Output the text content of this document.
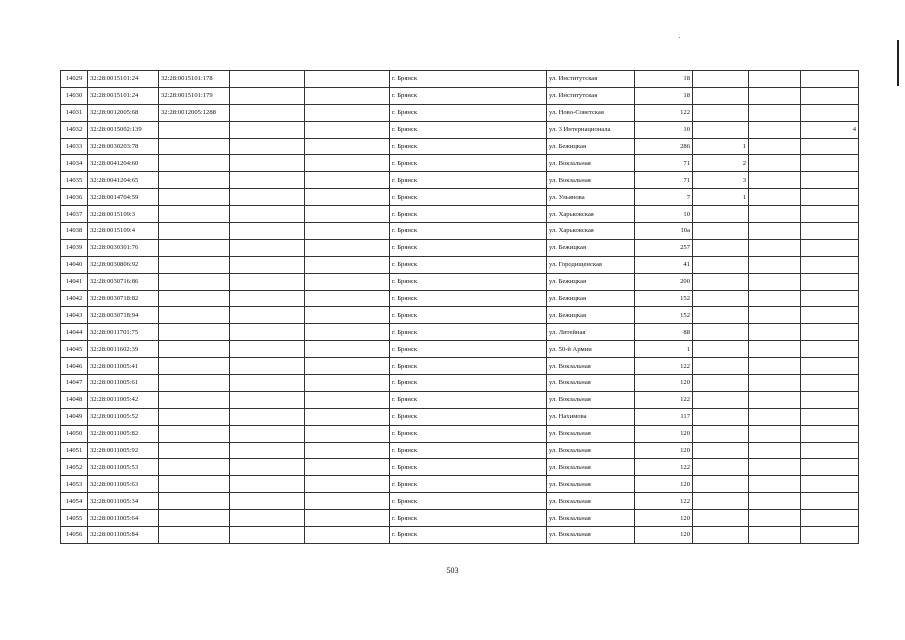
14029	32:28:0015101:24	32:28:0015101:178			г. Брянск	ул. Институтская	18			
14030	32:28:0015101:24	32:28:0015101:179			г. Брянск	ул. Институтская	18			
14031	32:28:0012005:68	32:28:0012005:1288			г. Брянск	ул. Ново-Советская	122			
14032	32:28:0015002:139				г. Брянск	ул. 3 Интернационала	10			4
14033	32:28:0030203:78				г. Брянск	ул. Бежицкая	286	1		
14034	32:28:0041204:60				г. Брянск	ул. Вокзальная	71	2		
14035	32:28:0041204:65				г. Брянск	ул. Вокзальная	71	3		
14036	32:28:0014704:59				г. Брянск	ул. Ульянова	7	1		
14037	32:28:0015109:3				г. Брянск	ул. Харьковская	10			
14038	32:28:0015109:4				г. Брянск	ул. Харьковская	10а			
14039	32:28:0030301:76				г. Брянск	ул. Бежицкая	257			
14040	32:28:0030806:92				г. Брянск	ул. Городищенская	41			
14041	32:28:0030716:86				г. Брянск	ул. Бежицкая	200			
14042	32:28:0030718:82				г. Брянск	ул. Бежицкая	152			
14043	32:28:0030718:94				г. Брянск	ул. Бежицкая	152			
14044	32:28:0011701:75				г. Брянск	ул. Литейная	88			
14045	32:28:0011602:39				г. Брянск	ул. 50-й Армии	1			
14046	32:28:0011005:41				г. Брянск	ул. Вокзальная	122			
14047	32:28:0011005:61				г. Брянск	ул. Вокзальная	120			
14048	32:28:0011005:42				г. Брянск	ул. Вокзальная	122			
14049	32:28:0011005:52				г. Брянск	ул. Нахимова	117			
14050	32:28:0011005:82				г. Брянск	ул. Вокзальная	120			
14051	32:28:0011005:92				г. Брянск	ул. Вокзальная	120			
14052	32:28:0011005:53				г. Брянск	ул. Вокзальная	122			
14053	32:28:0011005:63				г. Брянск	ул. Вокзальная	120			
14054	32:28:0011005:34				г. Брянск	ул. Вокзальная	122			
14055	32:28:0011005:64				г. Брянск	ул. Вокзальная	120			
14056	32:28:0011005:84				г. Брянск	ул. Вокзальная	120			
503
